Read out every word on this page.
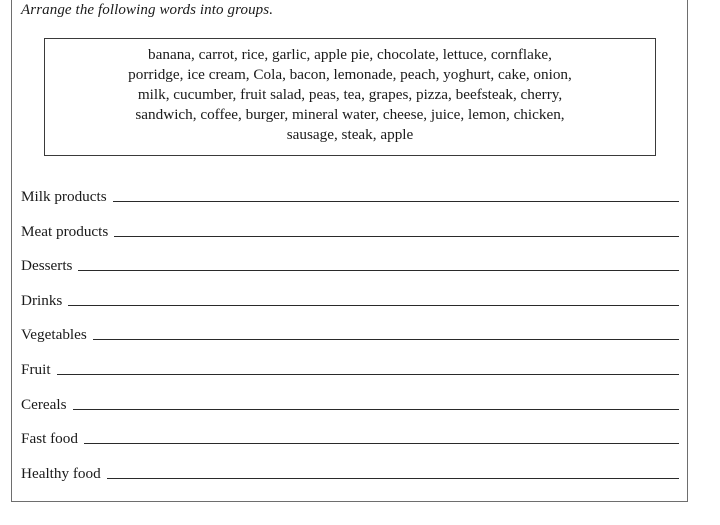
Arrange the following words into groups.
banana, carrot, rice, garlic, apple pie, chocolate, lettuce, cornflake,
porridge, ice cream, Cola, bacon, lemonade, peach, yoghurt, cake, onion,
milk, cucumber, fruit salad, peas, tea, grapes, pizza, beefsteak, cherry,
sandwich, coffee, burger, mineral water, cheese, juice, lemon, chicken,
sausage, steak, apple
Milk products
Meat products
Desserts
Drinks
Vegetables
Fruit
Cereals
Fast food
Healthy food
